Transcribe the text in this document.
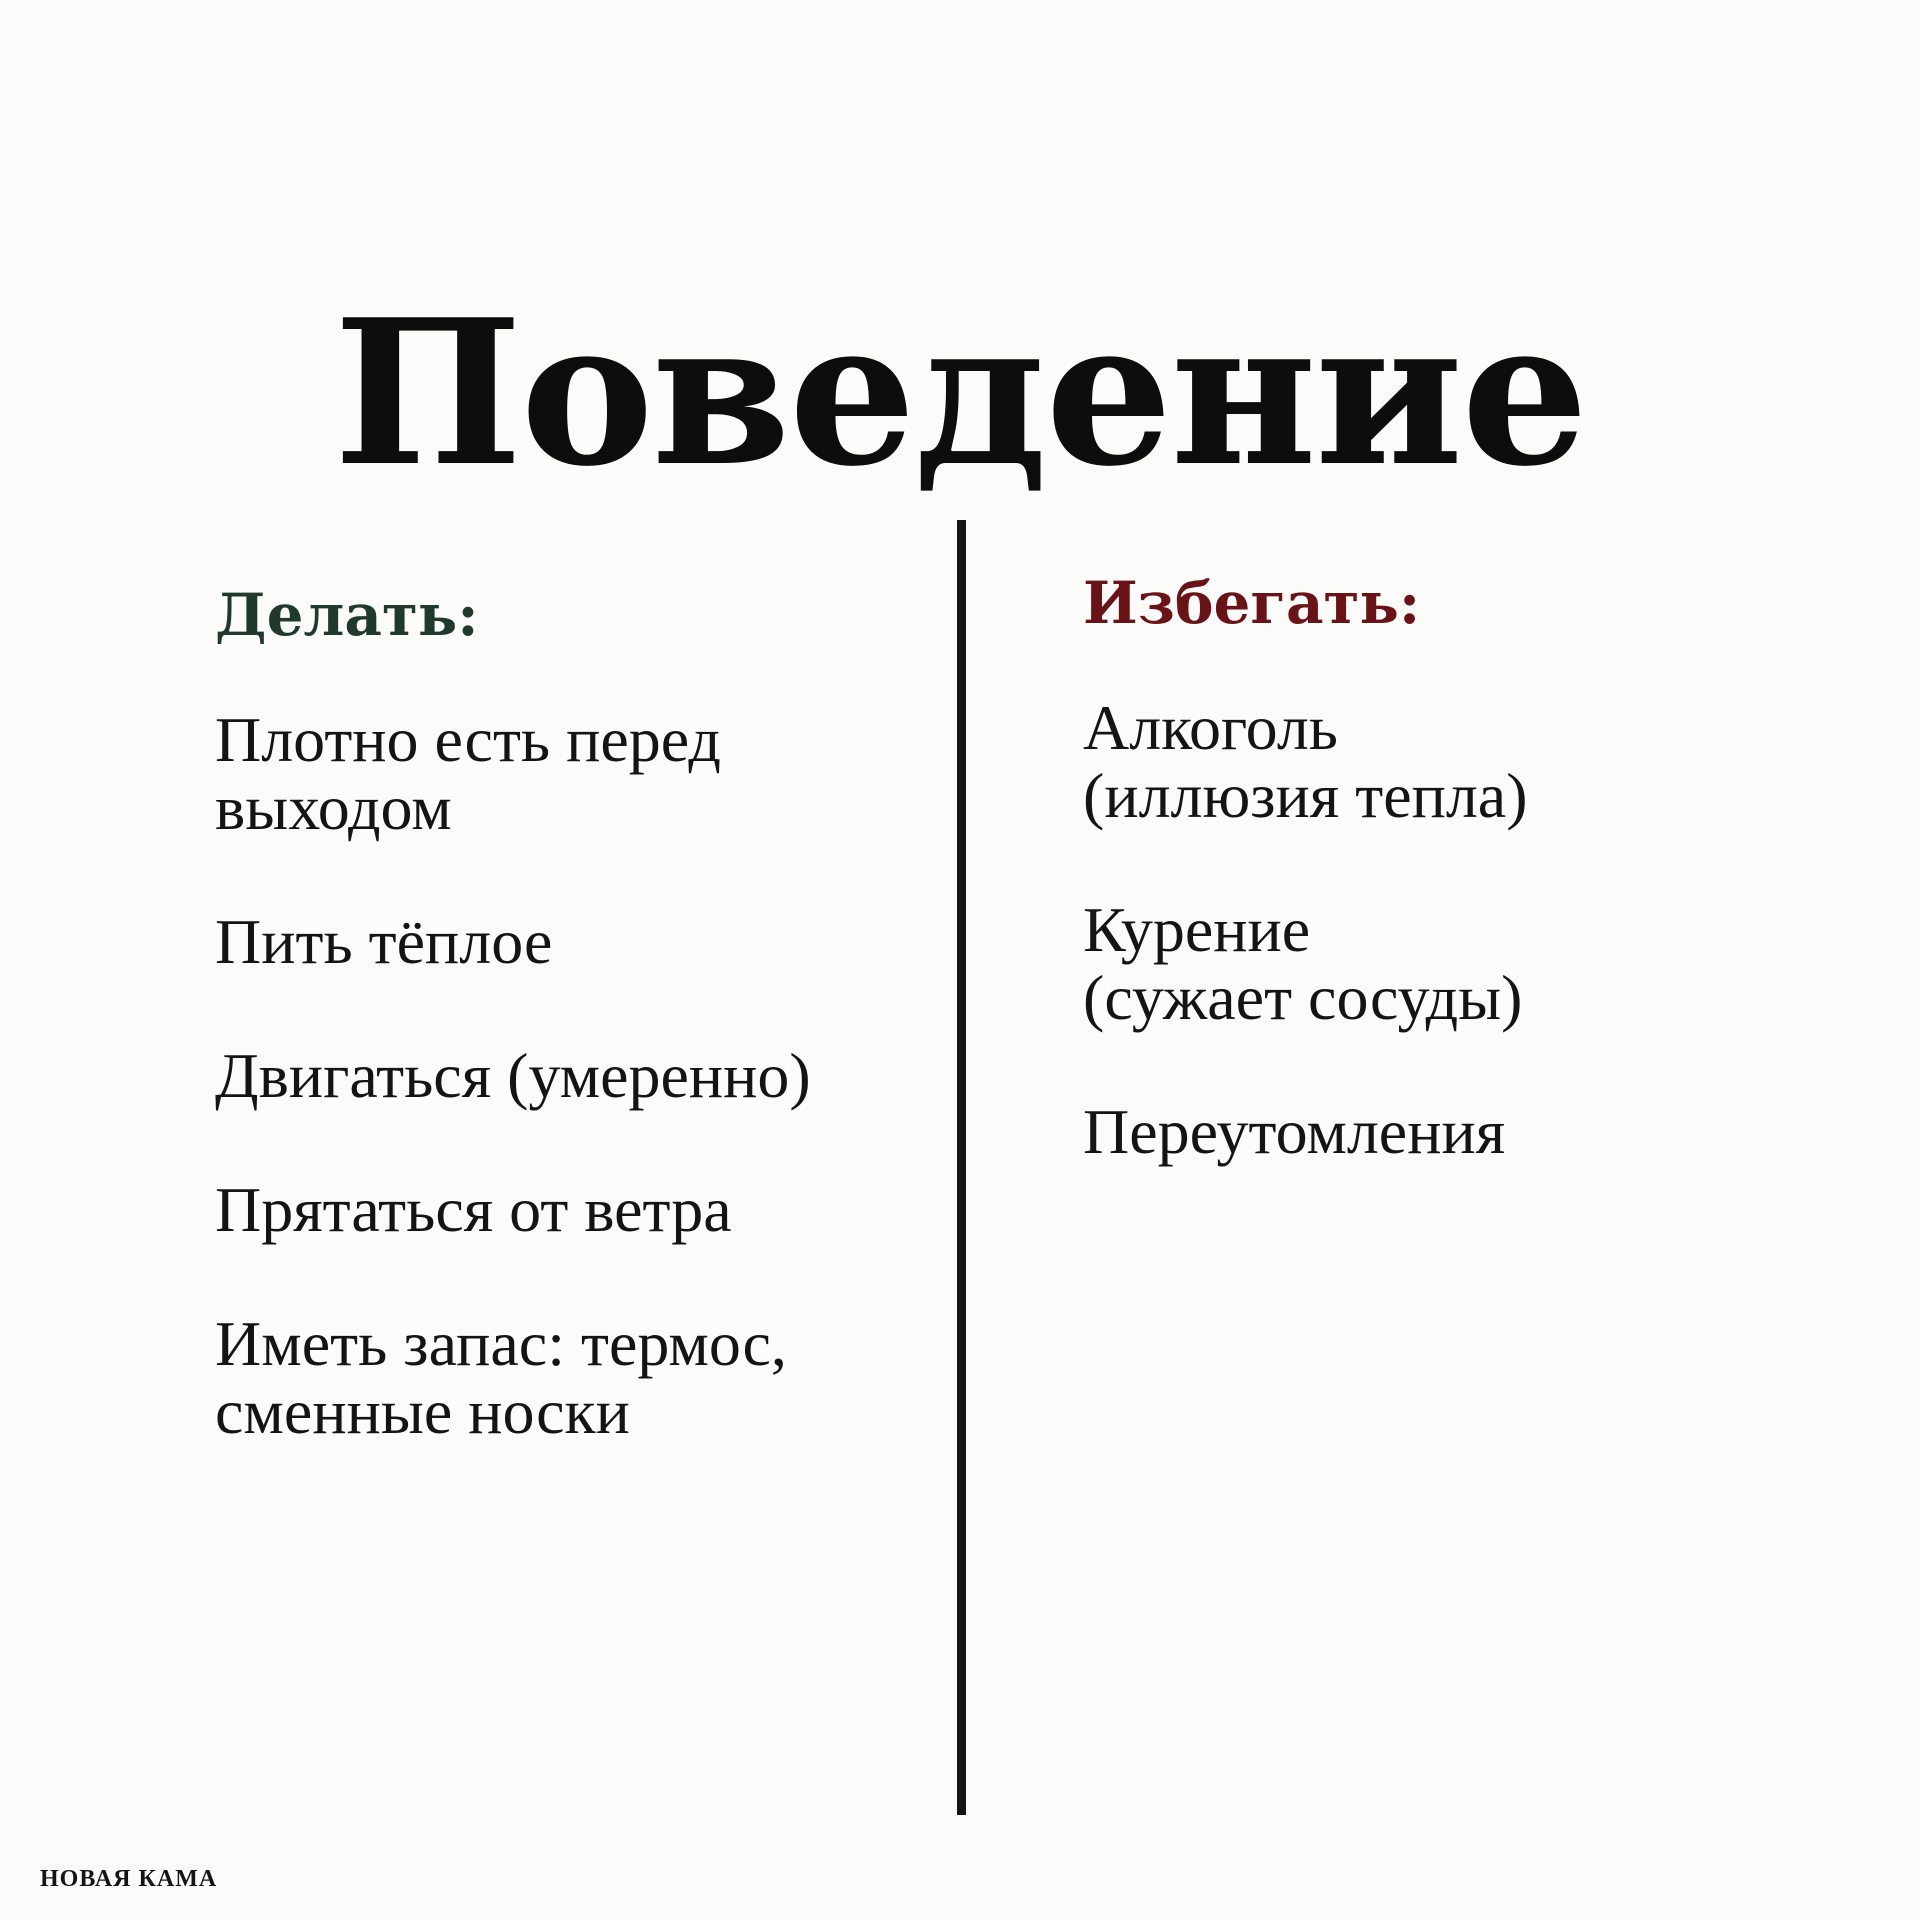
Поведение
Делать:
Плотно есть перед
выходом
Пить тёплое
Двигаться (умеренно)
Прятаться от ветра
Иметь запас: термос,
сменные носки
Избегать:
Алкоголь
(иллюзия тепла)
Курение
(сужает сосуды)
Переутомления
НОВАЯ КАМА
